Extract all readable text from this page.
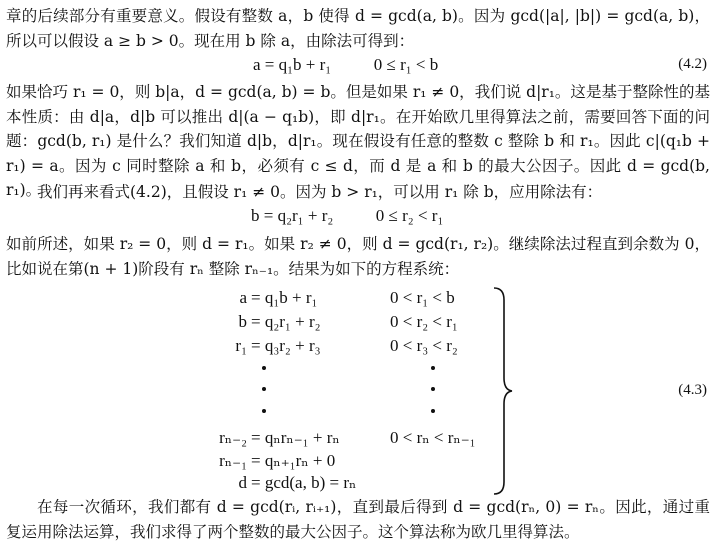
章的后续部分有重要意义。假设有整数 a，b 使得 d = gcd(a, b)。因为 gcd(|a|, |b|) = gcd(a, b)，所以可以假设 a ≥ b > 0。现在用 b 除 a，由除法可得到：
a = q₁b + r₁	0 ≤ r₁ < b	(4.2)
如果恰巧 r₁ = 0，则 b|a，d = gcd(a, b) = b。但是如果 r₁ ≠ 0，我们说 d|r₁。这是基于整除性的基本性质：由 d|a，d|b 可以推出 d|(a − q₁b)，即 d|r₁。在开始欧几里得算法之前，需要回答下面的问题：gcd(b, r₁) 是什么？我们知道 d|b，d|r₁。现在假设有任意的整数 c 整除 b 和 r₁。因此 c|(q₁b + r₁) = a。因为 c 同时整除 a 和 b，必须有 c ≤ d，而 d 是 a 和 b 的最大公因子。因此 d = gcd(b, r₁)。
我们再来看式(4.2)，且假设 r₁ ≠ 0。因为 b > r₁，可以用 r₁ 除 b，应用除法有：
b = q₂r₁ + r₂	0 ≤ r₂ < r₁
如前所述，如果 r₂ = 0，则 d = r₁。如果 r₂ ≠ 0，则 d = gcd(r₁, r₂)。继续除法过程直到余数为 0，比如说在第(n + 1)阶段有 rₙ 整除 rₙ₋₁。结果为如下的方程系统：
a = q₁b + r₁	0 < r₁ < b
b = q₂r₁ + r₂	0 < r₂ < r₁
r₁ = q₃r₂ + r₃	0 < r₃ < r₂
rₙ₋₂ = qₙrₙ₋₁ + rₙ	0 < rₙ < rₙ₋₁
rₙ₋₁ = qₙ₊₁rₙ + 0
d = gcd(a, b) = rₙ
(4.3)
在每一次循环，我们都有 d = gcd(rᵢ, rᵢ₊₁)，直到最后得到 d = gcd(rₙ, 0) = rₙ。因此，通过重复运用除法运算，我们求得了两个整数的最大公因子。这个算法称为欧几里得算法。
